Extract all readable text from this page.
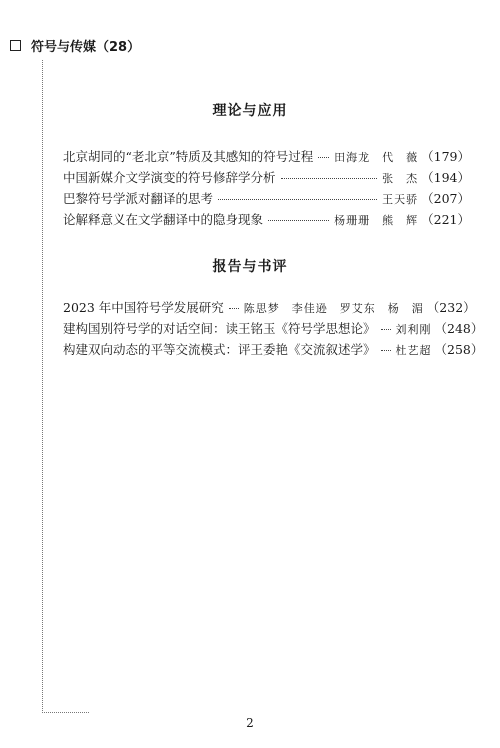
符号与传媒（28）
理论与应用
北京胡同的“老北京”特质及其感知的符号过程 田海龙　代　薇 （179）
中国新媒介文学演变的符号修辞学分析	张　杰 （194）
巴黎符号学派对翻译的思考	王天骄 （207）
论解释意义在文学翻译中的隐身现象	杨珊珊　熊　辉 （221）
报告与书评
2023 年中国符号学发展研究 陈思梦　李佳逊　罗艾东　杨　湄 （232）
建构国别符号学的对话空间：读王铭玉《符号学思想论》 刘利刚 （248）
构建双向动态的平等交流模式：评王委艳《交流叙述学》 杜艺超 （258）
2
